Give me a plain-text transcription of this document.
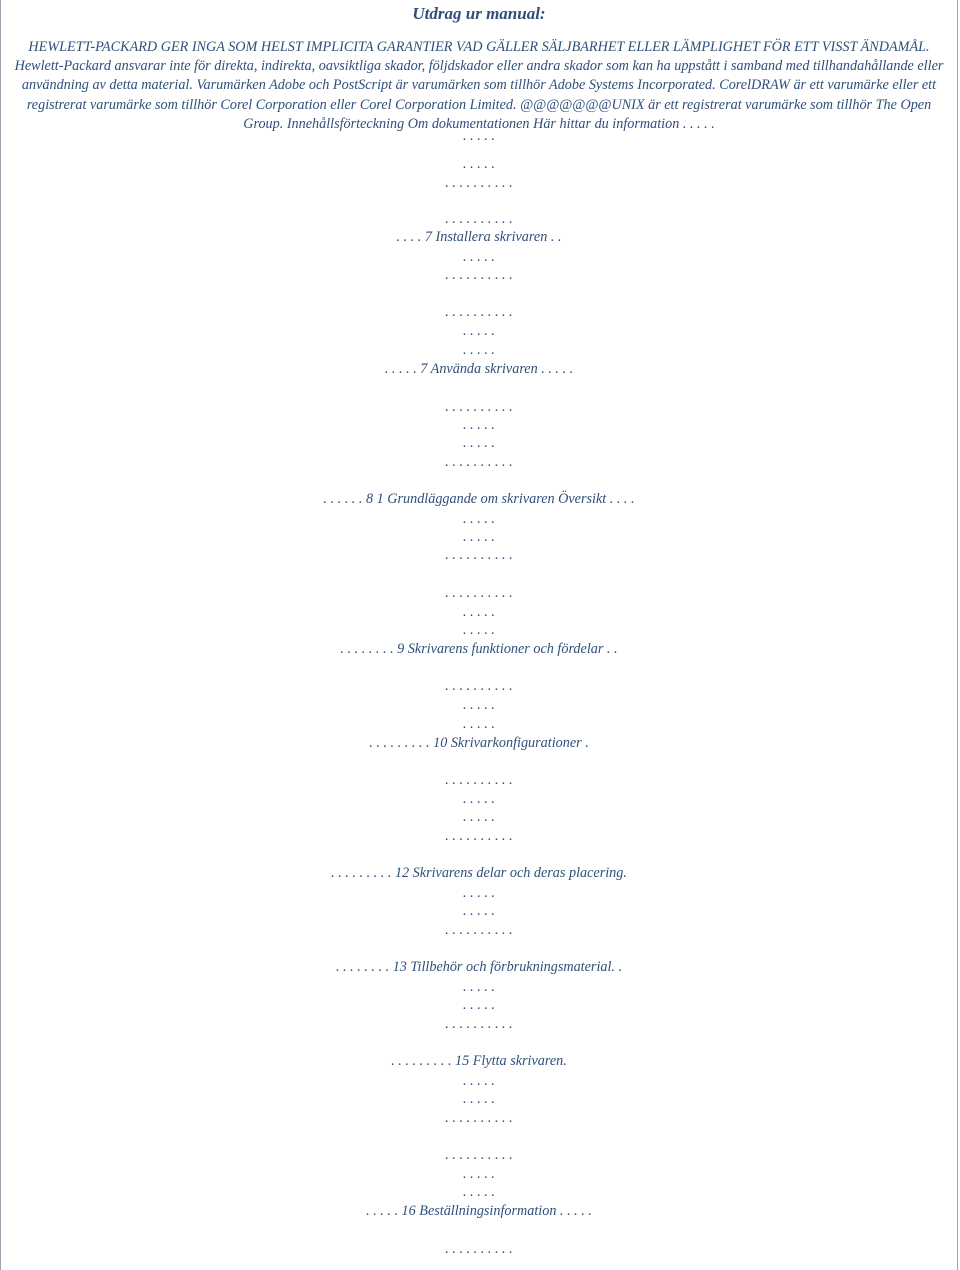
Utdrag ur manual:
HEWLETT-PACKARD GER INGA SOM HELST IMPLICITA GARANTIER VAD GÄLLER SÄLJBARHET ELLER LÄMPLIGHET FÖR ETT VISST ÄNDAMÅL. Hewlett-Packard ansvarar inte för direkta, indirekta, oavsiktliga skador, följdskador eller andra skador som kan ha uppstått i samband med tillhandahållande eller användning av detta material. Varumärken Adobe och PostScript är varumärken som tillhör Adobe Systems Incorporated. CorelDRAW är ett varumärke eller ett registrerat varumärke som tillhör Corel Corporation eller Corel Corporation Limited. @@@@@@@UNIX är ett registrerat varumärke som tillhör The Open Group. Innehållsförteckning Om dokumentationen Här hittar du information . . . . .
. . . . .
. . . . .
. . . . . . . . . .
. . . . . . . . . .
. . . . 7 Installera skrivaren . .
. . . . .
. . . . . . . . . .
. . . . . . . . . .
. . . . .
. . . . .
. . . . . 7 Använda skrivaren . . . . .
. . . . . . . . . .
. . . . .
. . . . .
. . . . . . . . . .
. . . . . . 8 1 Grundläggande om skrivaren Översikt . . . .
. . . . .
. . . . .
. . . . . . . . . .
. . . . . . . . . .
. . . . .
. . . . .
. . . . . . . . 9 Skrivarens funktioner och fördelar . .
. . . . . . . . . .
. . . . .
. . . . .
. . . . . . . . . 10 Skrivarkonfigurationer .
. . . . . . . . . .
. . . . .
. . . . .
. . . . . . . . . .
. . . . . . . . . 12 Skrivarens delar och deras placering.
. . . . .
. . . . .
. . . . . . . . . .
. . . . . . . . 13 Tillbehör och förbrukningsmaterial. .
. . . . .
. . . . .
. . . . . . . . . .
. . . . . . . . . 15 Flytta skrivaren.
. . . . .
. . . . .
. . . . . . . . . .
. . . . . . . . . .
. . . . .
. . . . .
. . . . . 16 Beställningsinformation . . . . .
. . . . . . . . . .
